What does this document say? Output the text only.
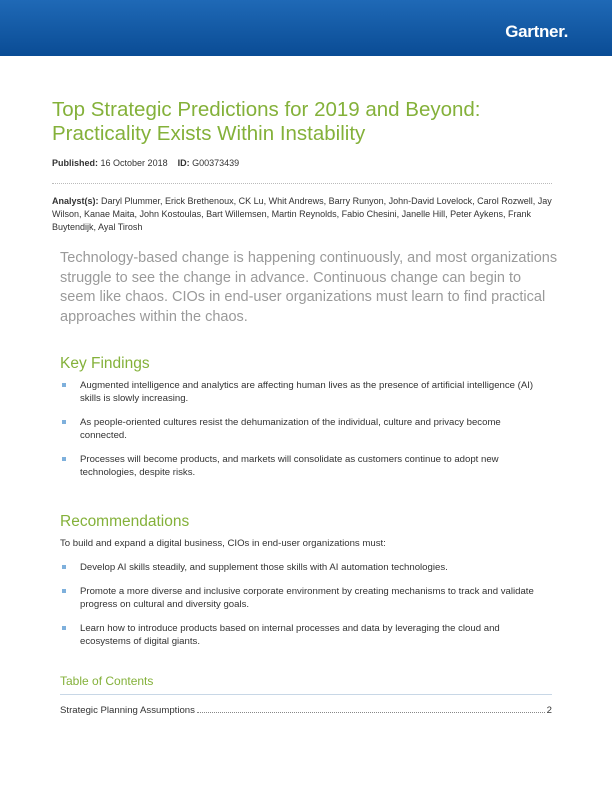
Gartner.
Top Strategic Predictions for 2019 and Beyond: Practicality Exists Within Instability
Published: 16 October 2018 ID: G00373439
Analyst(s): Daryl Plummer, Erick Brethenoux, CK Lu, Whit Andrews, Barry Runyon, John-David Lovelock, Carol Rozwell, Jay Wilson, Kanae Maita, John Kostoulas, Bart Willemsen, Martin Reynolds, Fabio Chesini, Janelle Hill, Peter Aykens, Frank Buytendijk, Ayal Tirosh
Technology-based change is happening continuously, and most organizations struggle to see the change in advance. Continuous change can begin to seem like chaos. CIOs in end-user organizations must learn to find practical approaches within the chaos.
Key Findings
Augmented intelligence and analytics are affecting human lives as the presence of artificial intelligence (AI) skills is slowly increasing.
As people-oriented cultures resist the dehumanization of the individual, culture and privacy become connected.
Processes will become products, and markets will consolidate as customers continue to adopt new technologies, despite risks.
Recommendations
To build and expand a digital business, CIOs in end-user organizations must:
Develop AI skills steadily, and supplement those skills with AI automation technologies.
Promote a more diverse and inclusive corporate environment by creating mechanisms to track and validate progress on cultural and diversity goals.
Learn how to introduce products based on internal processes and data by leveraging the cloud and ecosystems of digital giants.
Table of Contents
Strategic Planning Assumptions	2
